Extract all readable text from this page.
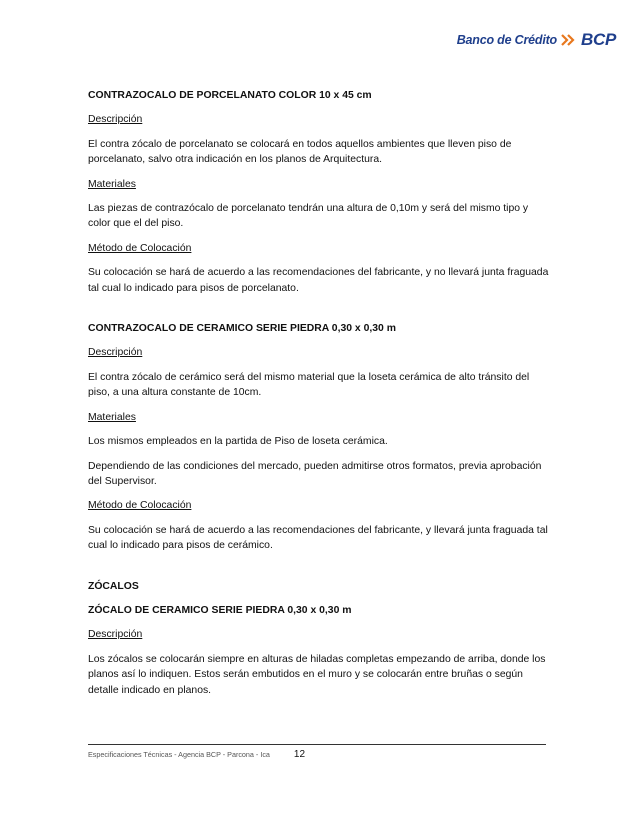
Banco de Crédito BCP

CONTRAZOCALO DE PORCELANATO COLOR 10 x 45 cm

Descripción

El contra zócalo de porcelanato se colocará en todos aquellos ambientes que lleven piso de porcelanato, salvo otra indicación en los planos de Arquitectura.

Materiales

Las piezas de contrazócalo de porcelanato tendrán una altura de 0,10m y será del mismo tipo y color que el del piso.

Método de Colocación

Su colocación se hará de acuerdo a las recomendaciones del fabricante, y no llevará junta fraguada tal cual lo indicado para pisos de porcelanato.

CONTRAZOCALO DE CERAMICO SERIE PIEDRA 0,30 x 0,30 m

Descripción

El contra zócalo de cerámico será del mismo material que la loseta cerámica de alto tránsito del piso, a una altura constante de 10cm.

Materiales

Los mismos empleados en la partida de Piso de loseta cerámica.

Dependiendo de las condiciones del mercado, pueden admitirse otros formatos, previa aprobación del Supervisor.

Método de Colocación

Su colocación se hará de acuerdo a las recomendaciones del fabricante, y llevará junta fraguada tal cual lo indicado para pisos de cerámico.

ZÓCALOS

ZÓCALO DE CERAMICO SERIE PIEDRA 0,30 x 0,30 m

Descripción

Los zócalos se colocarán siempre en alturas de hiladas completas empezando de arriba, donde los planos así lo indiquen. Estos serán embutidos en el muro y se colocarán entre bruñas o según detalle indicado en planos.

Especificaciones Técnicas - Agencia BCP - Parcona - Ica 12
